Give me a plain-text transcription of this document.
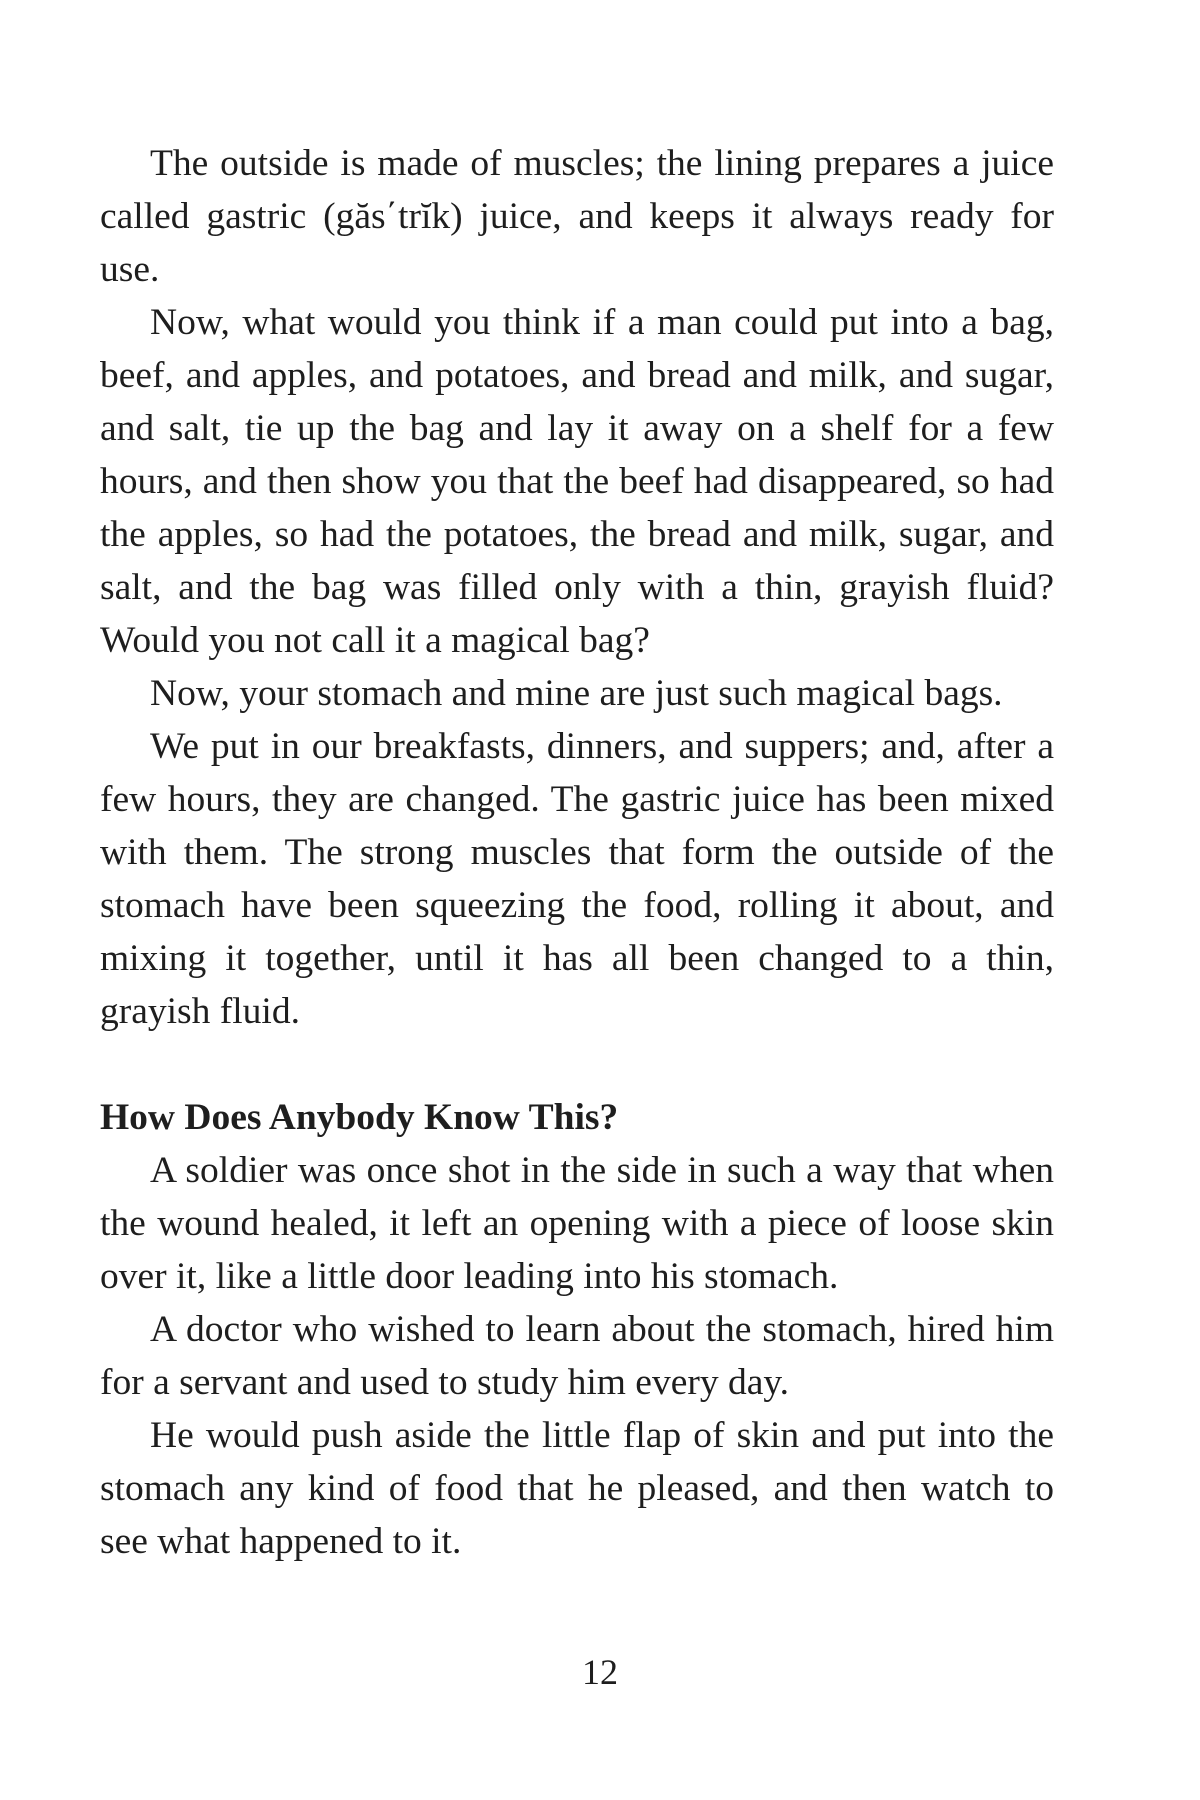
The outside is made of muscles; the lining prepares a juice called gastric (găs΄trĭk) juice, and keeps it always ready for use.

Now, what would you think if a man could put into a bag, beef, and apples, and potatoes, and bread and milk, and sugar, and salt, tie up the bag and lay it away on a shelf for a few hours, and then show you that the beef had disappeared, so had the apples, so had the potatoes, the bread and milk, sugar, and salt, and the bag was filled only with a thin, grayish fluid? Would you not call it a magical bag?

Now, your stomach and mine are just such magical bags.

We put in our breakfasts, dinners, and suppers; and, after a few hours, they are changed. The gastric juice has been mixed with them. The strong muscles that form the outside of the stomach have been squeezing the food, rolling it about, and mixing it together, until it has all been changed to a thin, grayish fluid.

How Does Anybody Know This?

A soldier was once shot in the side in such a way that when the wound healed, it left an opening with a piece of loose skin over it, like a little door leading into his stomach.

A doctor who wished to learn about the stomach, hired him for a servant and used to study him every day.

He would push aside the little flap of skin and put into the stomach any kind of food that he pleased, and then watch to see what happened to it.

12
